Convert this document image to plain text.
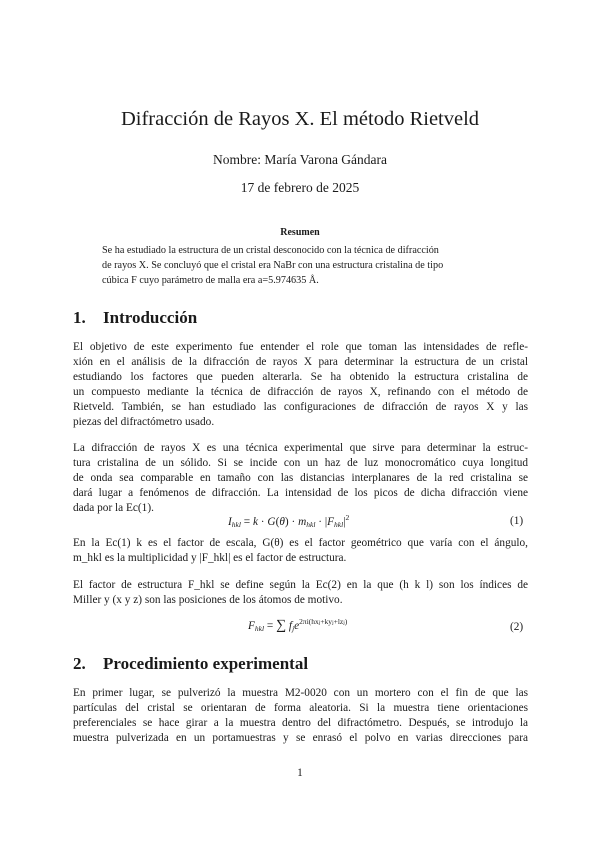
Difracción de Rayos X. El método Rietveld
Nombre: María Varona Gándara
17 de febrero de 2025
Resumen
Se ha estudiado la estructura de un cristal desconocido con la técnica de difracción
de rayos X. Se concluyó que el cristal era NaBr con una estructura cristalina de tipo
cúbica F cuyo parámetro de malla era a=5.974635 Å.
1. Introducción
El objetivo de este experimento fue entender el role que toman las intensidades de refle-
xión en el análisis de la difracción de rayos X para determinar la estructura de un cristal
estudiando los factores que pueden alterarla. Se ha obtenido la estructura cristalina de
un compuesto mediante la técnica de difracción de rayos X, refinando con el método de
Rietveld. También, se han estudiado las configuraciones de difracción de rayos X y las
piezas del difractómetro usado.
La difracción de rayos X es una técnica experimental que sirve para determinar la estruc-
tura cristalina de un sólido. Si se incide con un haz de luz monocromático cuya longitud
de onda sea comparable en tamaño con las distancias interplanares de la red cristalina se
dará lugar a fenómenos de difracción. La intensidad de los picos de dicha difracción viene
dada por la Ec(1).
$I_{hkl} = k \cdot G(\theta) \cdot m_{hkl} \cdot |F_{hkl}|^2$	(1)
En la Ec(1) k es el factor de escala, G(θ) es el factor geométrico que varía con el ángulo,
m_hkl es la multiplicidad y |F_hkl| es el factor de estructura.
El factor de estructura F_hkl se define según la Ec(2) en la que (h k l) son los índices de
Miller y (x y z) son las posiciones de los átomos de motivo.
$F_{hkl}$ = ∑ $f_je^{2\pi i(hxj+kyj+lzj)}$	(2)
2. Procedimiento experimental
En primer lugar, se pulverizó la muestra M2-0020 con un mortero con el fin de que las
partículas del cristal se orientaran de forma aleatoria. Si la muestra tiene orientaciones
preferenciales se hace girar a la muestra dentro del difractómetro. Después, se introdujo la
muestra pulverizada en un portamuestras y se enrasó el polvo en varias direcciones para
1
